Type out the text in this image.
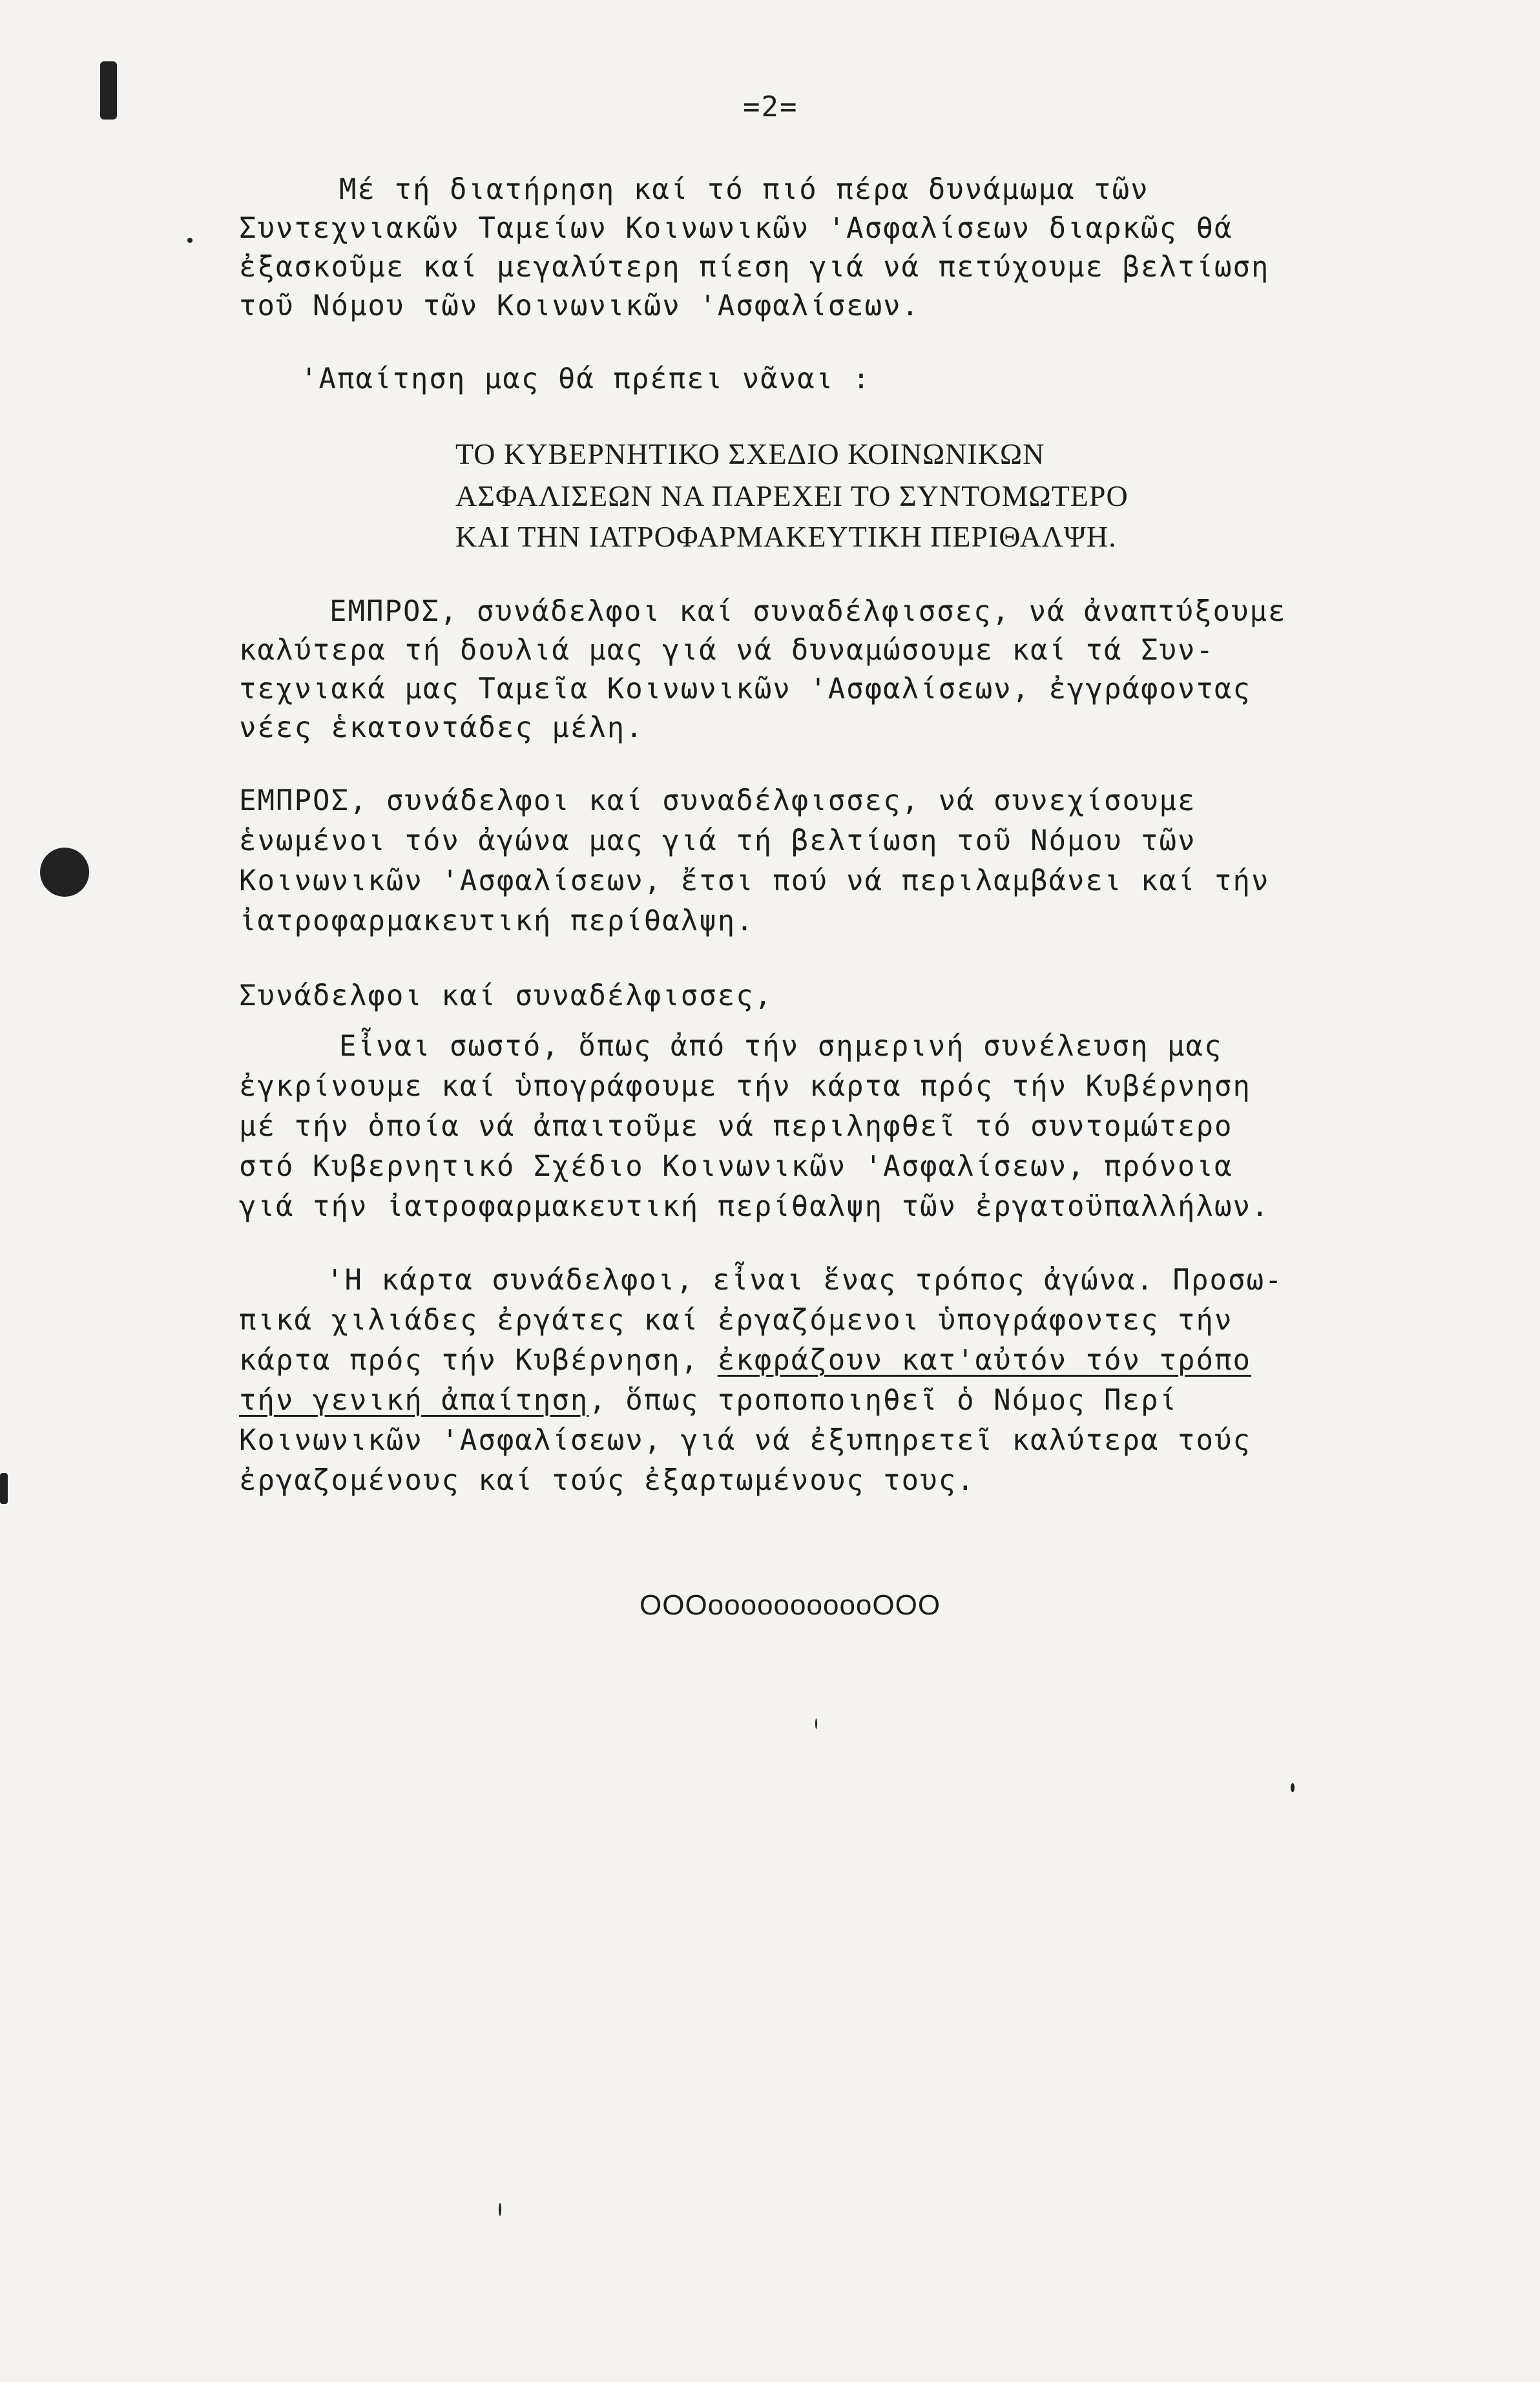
=2=
Μέ τή διατήρηση καί τό πιό πέρα δυνάμωμα τῶν
Συντεχνιακῶν Ταμείων Κοινωνικῶν 'Ασφαλίσεων διαρκῶς θά
ἐξασκοῦμε καί μεγαλύτερη πίεση γιά νά πετύχουμε βελτίωση
τοῦ Νόμου τῶν Κοινωνικῶν 'Ασφαλίσεων.
'Απαίτηση μας θά πρέπει νᾶναι :
ΤΟ ΚΥΒΕΡΝΗΤΙΚΟ ΣΧΕΔΙΟ ΚΟΙΝΩΝΙΚΩΝ
ΑΣΦΑΛΙΣΕΩΝ ΝΑ ΠΑΡΕΧΕΙ ΤΟ ΣΥΝΤΟΜΩΤΕΡΟ
ΚΑΙ ΤΗΝ ΙΑΤΡΟΦΑΡΜΑΚΕΥΤΙΚΗ ΠΕΡΙΘΑΛΨΗ.
ΕΜΠΡΟΣ, συνάδελφοι καί συναδέλφισσες, νά ἀναπτύξουμε
καλύτερα τή δουλιά μας γιά νά δυναμώσουμε καί τά Συν-
τεχνιακά μας Ταμεῖα Κοινωνικῶν 'Ασφαλίσεων, ἐγγράφοντας
νέες ἑκατοντάδες μέλη.
ΕΜΠΡΟΣ, συνάδελφοι καί συναδέλφισσες, νά συνεχίσουμε
ἑνωμένοι τόν ἀγώνα μας γιά τή βελτίωση τοῦ Νόμου τῶν
Κοινωνικῶν 'Ασφαλίσεων, ἔτσι πού νά περιλαμβάνει καί τήν
ἰατροφαρμακευτική περίθαλψη.
Συνάδελφοι καί συναδέλφισσες,
Εἶναι σωστό, ὅπως ἀπό τήν σημερινή συνέλευση μας
ἐγκρίνουμε καί ὑπογράφουμε τήν κάρτα πρός τήν Κυβέρνηση
μέ τήν ὁποία νά ἀπαιτοῦμε νά περιληφθεῖ τό συντομώτερο
στό Κυβερνητικό Σχέδιο Κοινωνικῶν 'Ασφαλίσεων, πρόνοια
γιά τήν ἰατροφαρμακευτική περίθαλψη τῶν ἐργατοϋπαλλήλων.
'Η κάρτα συνάδελφοι, εἶναι ἕνας τρόπος ἀγώνα. Προσω-
πικά χιλιάδες ἐργάτες καί ἐργαζόμενοι ὑπογράφοντες τήν
κάρτα πρός τήν Κυβέρνηση, ἐκφράζουν κατ'αὐτόν τόν τρόπο
τήν γενική ἀπαίτηση, ὅπως τροποποιηθεῖ ὁ Νόμος Περί
Κοινωνικῶν 'Ασφαλίσεων, γιά νά ἐξυπηρετεῖ καλύτερα τούς
ἐργαζομένους καί τούς ἐξαρτωμένους τους.
OOOooooooooooOOO
